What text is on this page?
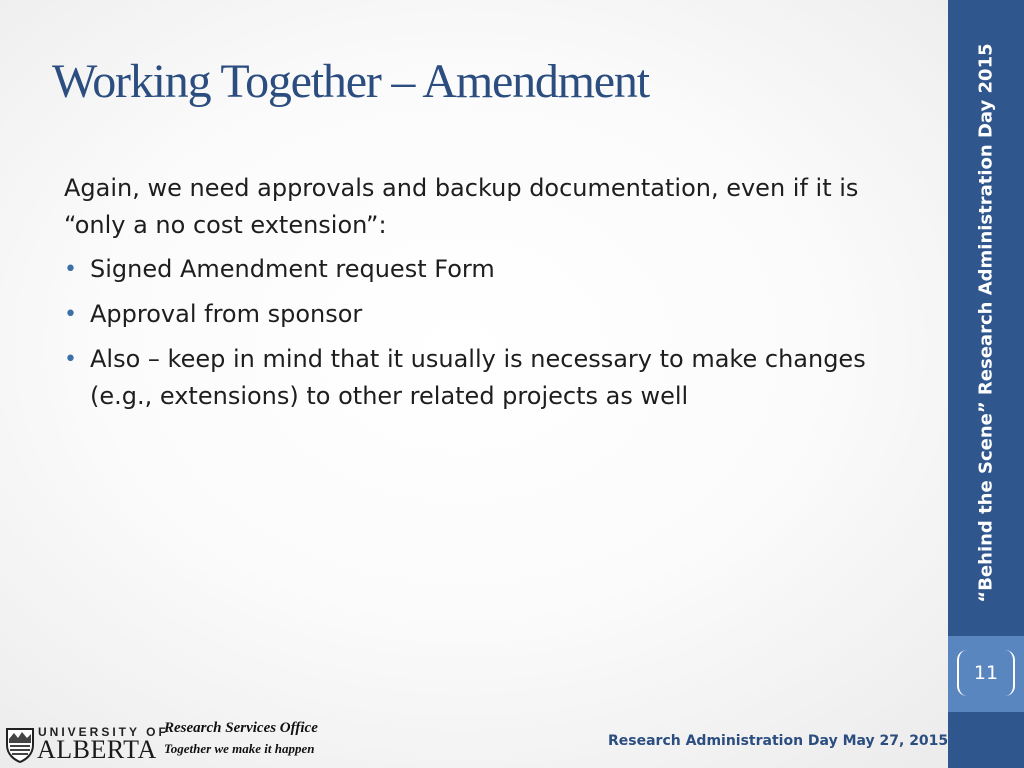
Working Together – Amendment

Again, we need approvals and backup documentation, even if it is “only a no cost extension”:

• Signed Amendment request Form
• Approval from sponsor
• Also – keep in mind that it usually is necessary to make changes (e.g., extensions) to other related projects as well	“Behind the Scene” Research Administration Day 2015
11
UNIVERSITY OF
ALBERTA
Research Services Office
Together we make it happen	Research Administration Day May 27, 2015
